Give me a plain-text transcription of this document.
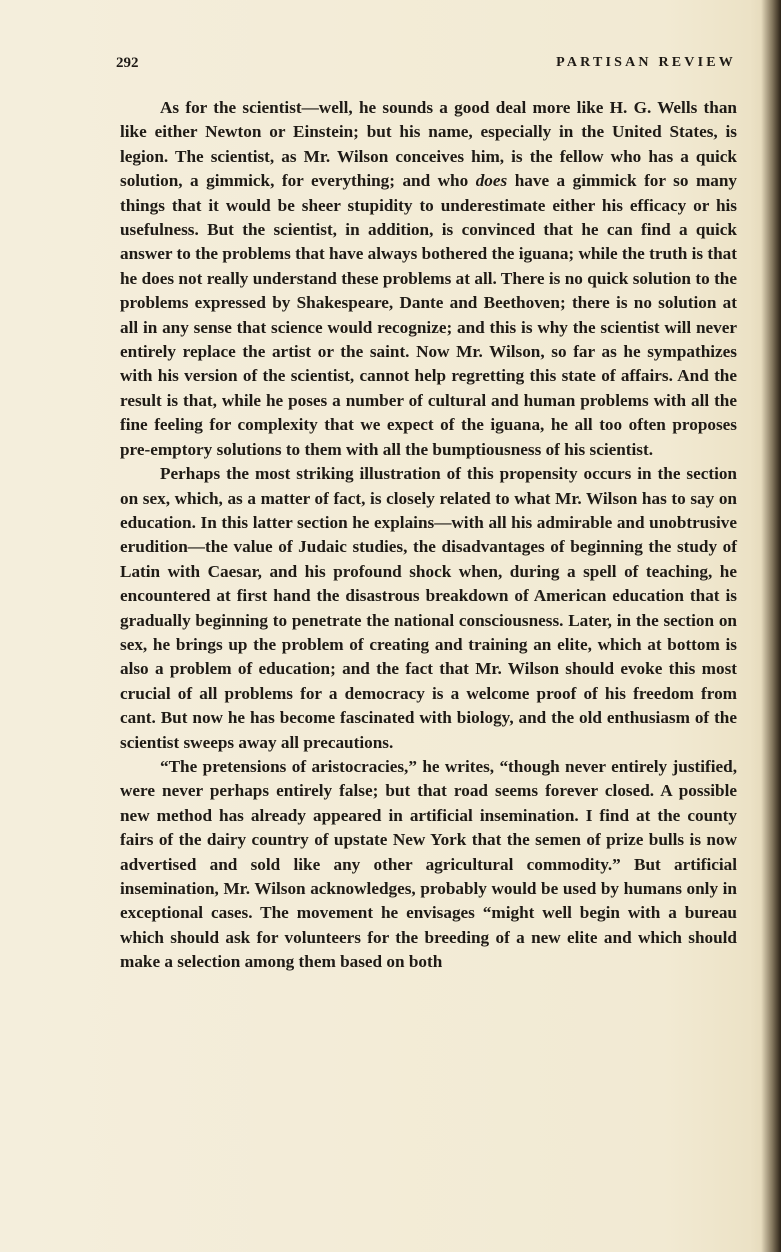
292	PARTISAN REVIEW

As for the scientist—well, he sounds a good deal more like H. G. Wells than like either Newton or Einstein; but his name, especially in the United States, is legion. The scientist, as Mr. Wilson conceives him, is the fellow who has a quick solution, a gimmick, for everything; and who does have a gimmick for so many things that it would be sheer stupidity to underestimate either his efficacy or his usefulness. But the scientist, in addition, is convinced that he can find a quick answer to the problems that have always bothered the iguana; while the truth is that he does not really understand these problems at all. There is no quick solution to the problems expressed by Shakespeare, Dante and Beethoven; there is no solution at all in any sense that science would recognize; and this is why the scientist will never entirely replace the artist or the saint. Now Mr. Wilson, so far as he sympathizes with his version of the scientist, cannot help regretting this state of affairs. And the result is that, while he poses a number of cultural and human problems with all the fine feeling for complexity that we expect of the iguana, he all too often proposes pre-emptory solutions to them with all the bumptiousness of his scientist.

Perhaps the most striking illustration of this propensity occurs in the section on sex, which, as a matter of fact, is closely related to what Mr. Wilson has to say on education. In this latter section he explains—with all his admirable and unobtrusive erudition—the value of Judaic studies, the disadvantages of beginning the study of Latin with Caesar, and his profound shock when, during a spell of teaching, he encountered at first hand the disastrous breakdown of American education that is gradually beginning to penetrate the national consciousness. Later, in the section on sex, he brings up the problem of creating and training an elite, which at bottom is also a problem of education; and the fact that Mr. Wilson should evoke this most crucial of all problems for a democracy is a welcome proof of his freedom from cant. But now he has become fascinated with biology, and the old enthusiasm of the scientist sweeps away all precautions.

“The pretensions of aristocracies,” he writes, “though never entirely justified, were never perhaps entirely false; but that road seems forever closed. A possible new method has already appeared in artificial insemination. I find at the county fairs of the dairy country of upstate New York that the semen of prize bulls is now advertised and sold like any other agricultural commodity.” But artificial insemination, Mr. Wilson acknowledges, probably would be used by humans only in exceptional cases. The movement he envisages “might well begin with a bureau which should ask for volunteers for the breeding of a new elite and which should make a selection among them based on both
